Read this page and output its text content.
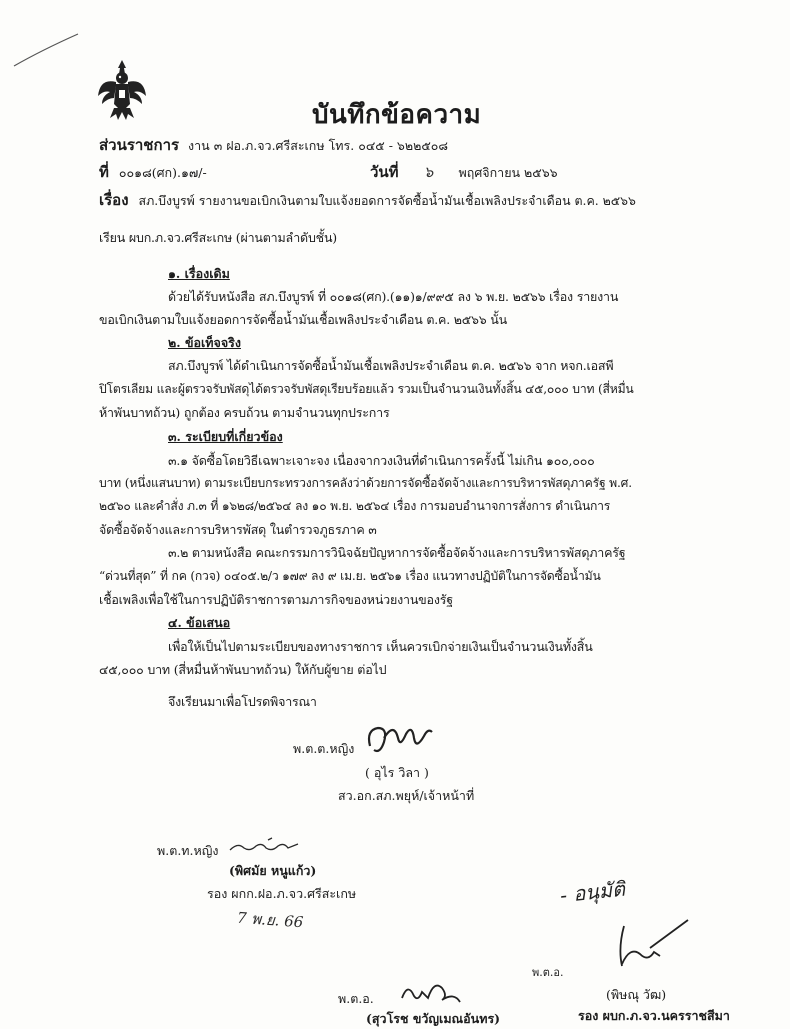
บันทึกข้อความ
ส่วนราชการ งาน ๓ ฝอ.ภ.จว.ศรีสะเกษ โทร. ๐๔๕ - ๖๒๒๕๐๘
ที่ ๐๐๑๘(ศก).๑๗/-	วันที่ ๖ พฤศจิกายน ๒๕๖๖
เรื่อง สภ.บึงบูรพ์ รายงานขอเบิกเงินตามใบแจ้งยอดการจัดซื้อน้ำมันเชื้อเพลิงประจำเดือน ต.ค. ๒๕๖๖
เรียน ผบก.ภ.จว.ศรีสะเกษ (ผ่านตามลำดับชั้น)
๑. เรื่องเดิม
ด้วยได้รับหนังสือ สภ.บึงบูรพ์ ที่ ๐๐๑๘(ศก).(๑๑)๑/๙๙๕ ลง ๖ พ.ย. ๒๕๖๖ เรื่อง รายงาน
ขอเบิกเงินตามใบแจ้งยอดการจัดซื้อน้ำมันเชื้อเพลิงประจำเดือน ต.ค. ๒๕๖๖ นั้น
๒. ข้อเท็จจริง
สภ.บึงบูรพ์ ได้ดำเนินการจัดซื้อน้ำมันเชื้อเพลิงประจำเดือน ต.ค. ๒๕๖๖ จาก หจก.เอสพี
ปิโตรเลียม และผู้ตรวจรับพัสดุได้ตรวจรับพัสดุเรียบร้อยแล้ว รวมเป็นจำนวนเงินทั้งสิ้น ๔๕,๐๐๐ บาท (สี่หมื่น
ห้าพันบาทถ้วน) ถูกต้อง ครบถ้วน ตามจำนวนทุกประการ
๓. ระเบียบที่เกี่ยวข้อง
๓.๑ จัดซื้อโดยวิธีเฉพาะเจาะจง เนื่องจากวงเงินที่ดำเนินการครั้งนี้ ไม่เกิน ๑๐๐,๐๐๐
บาท (หนึ่งแสนบาท) ตามระเบียบกระทรวงการคลังว่าด้วยการจัดซื้อจัดจ้างและการบริหารพัสดุภาครัฐ พ.ศ.
๒๕๖๐ และคำสั่ง ภ.๓ ที่ ๑๖๒๘/๒๕๖๔ ลง ๑๐ พ.ย. ๒๕๖๔ เรื่อง การมอบอำนาจการสั่งการ ดำเนินการ
จัดซื้อจัดจ้างและการบริหารพัสดุ ในตำรวจภูธรภาค ๓
๓.๒ ตามหนังสือ คณะกรรมการวินิจฉัยปัญหาการจัดซื้อจัดจ้างและการบริหารพัสดุภาครัฐ
“ด่วนที่สุด” ที่ กค (กวจ) ๐๔๐๕.๒/ว ๑๗๙ ลง ๙ เม.ย. ๒๕๖๑ เรื่อง แนวทางปฏิบัติในการจัดซื้อน้ำมัน
เชื้อเพลิงเพื่อใช้ในการปฏิบัติราชการตามภารกิจของหน่วยงานของรัฐ
๔. ข้อเสนอ
เพื่อให้เป็นไปตามระเบียบของทางราชการ เห็นควรเบิกจ่ายเงินเป็นจำนวนเงินทั้งสิ้น
๔๕,๐๐๐ บาท (สี่หมื่นห้าพันบาทถ้วน) ให้กับผู้ขาย ต่อไป
จึงเรียนมาเพื่อโปรดพิจารณา
พ.ต.ต.หญิง
( อุไร วิลา )
สว.อก.สภ.พยุห์/เจ้าหน้าที่
พ.ต.ท.หญิง
(พิศมัย หนูแก้ว)
รอง ผกก.ฝอ.ภ.จว.ศรีสะเกษ
7 พ.ย. 66
- อนุมัติ
พ.ต.อ.
(พิษณุ วัฒ)
รอง ผบก.ภ.จว.นครราชสีมา
พ.ต.อ.
(สุวโรช ขวัญเมณอันทร)
